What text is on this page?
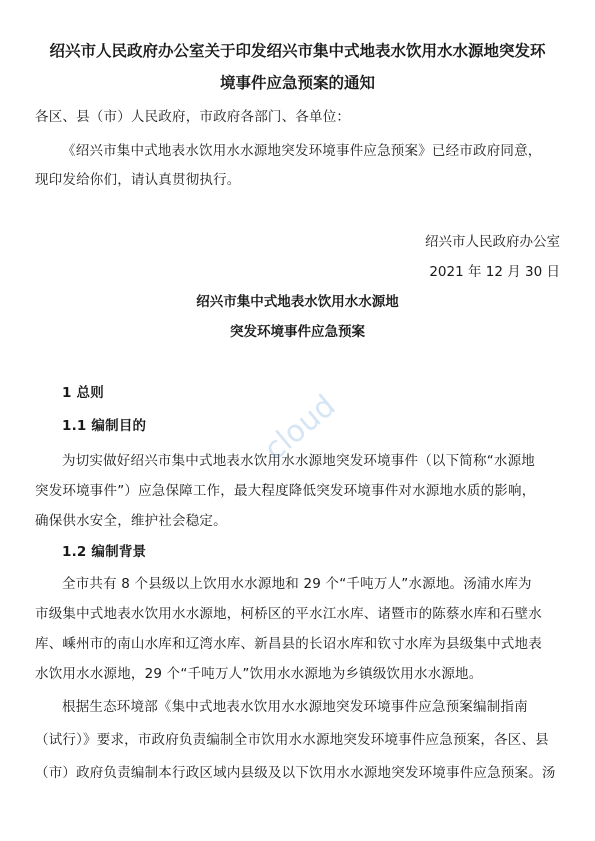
绍兴市人民政府办公室关于印发绍兴市集中式地表水饮用水水源地突发环
境事件应急预案的通知
各区、县（市）人民政府，市政府各部门、各单位：
《绍兴市集中式地表水饮用水水源地突发环境事件应急预案》已经市政府同意，
现印发给你们，请认真贯彻执行。
绍兴市人民政府办公室
2021 年 12 月 30 日
绍兴市集中式地表水饮用水水源地
突发环境事件应急预案
1 总则
1.1 编制目的
为切实做好绍兴市集中式地表水饮用水水源地突发环境事件（以下简称“水源地
突发环境事件”）应急保障工作，最大程度降低突发环境事件对水源地水质的影响，
确保供水安全，维护社会稳定。
1.2 编制背景
全市共有 8 个县级以上饮用水水源地和 29 个“千吨万人”水源地。汤浦水库为
市级集中式地表水饮用水水源地，柯桥区的平水江水库、诸暨市的陈蔡水库和石壁水
库、嵊州市的南山水库和辽湾水库、新昌县的长诏水库和钦寸水库为县级集中式地表
水饮用水水源地，29 个“千吨万人”饮用水水源地为乡镇级饮用水水源地。
根据生态环境部《集中式地表水饮用水水源地突发环境事件应急预案编制指南
（试行）》要求，市政府负责编制全市饮用水水源地突发环境事件应急预案，各区、县
（市）政府负责编制本行政区域内县级及以下饮用水水源地突发环境事件应急预案。汤
cloud
